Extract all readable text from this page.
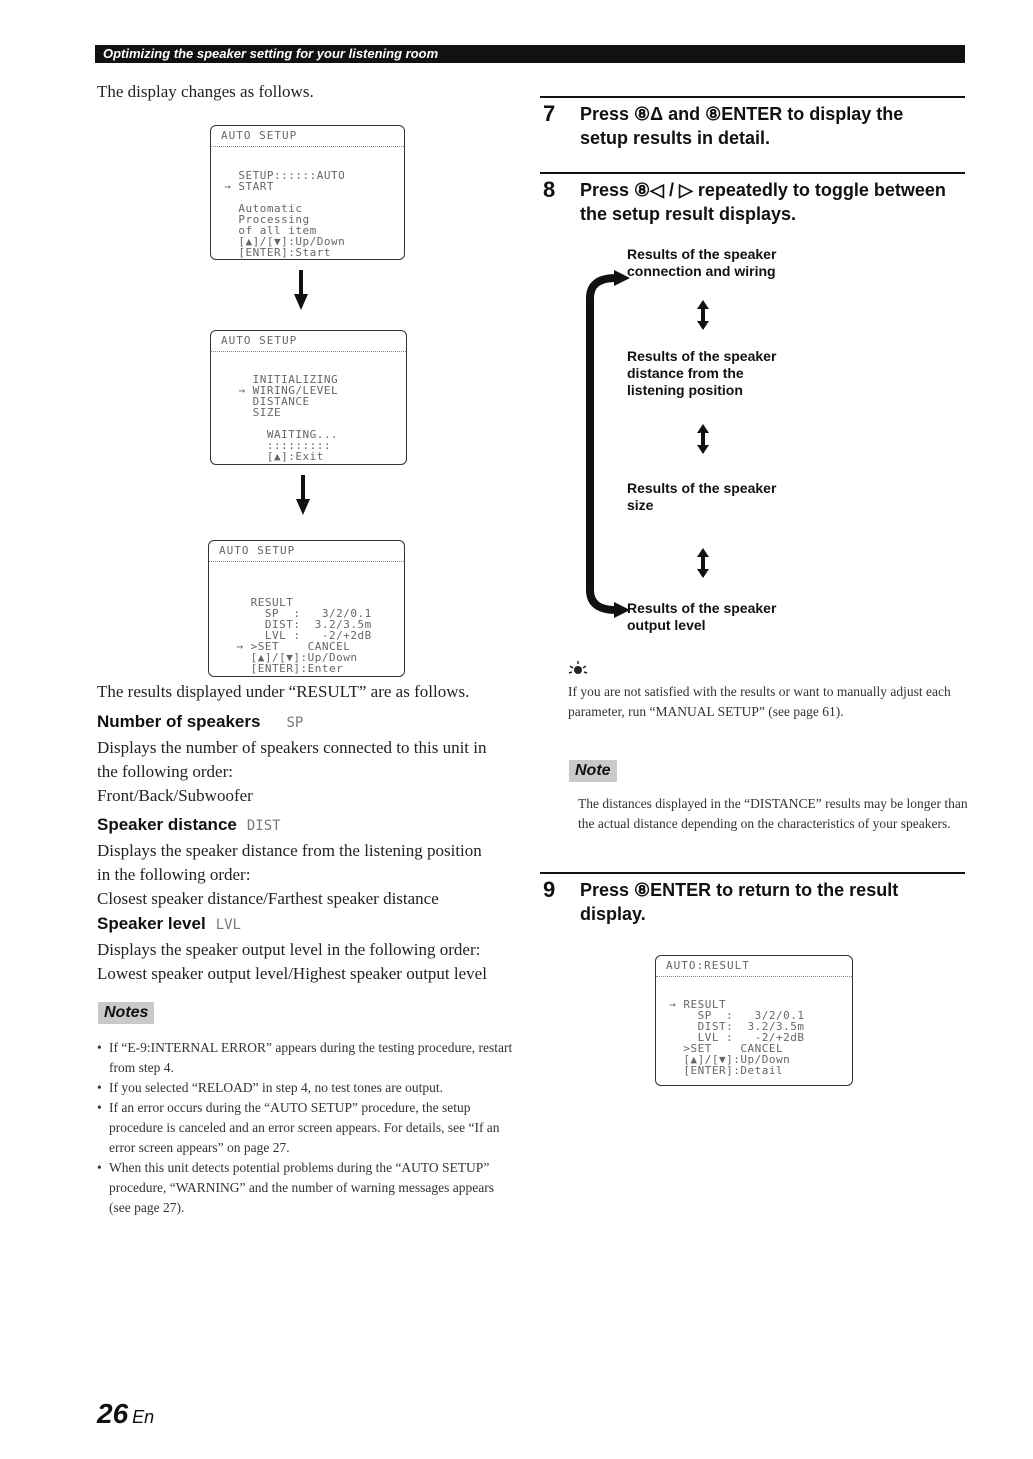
Optimizing the speaker setting for your listening room
The display changes as follows.
AUTO SETUP
SETUP::::::AUTO
→ START

Automatic
Processing
of all item
[▲]/[▼]:Up/Down
[ENTER]:Start
AUTO SETUP

INITIALIZING
→ WIRING/LEVEL
DISTANCE
SIZE

WAITING...
:::::::::
[▲]:Exit
AUTO SETUP

RESULT
SP  :   3/2/0.1
DIST:  3.2/3.5m
LVL :   -2/+2dB
→ >SET    CANCEL
[▲]/[▼]:Up/Down
[ENTER]:Enter
The results displayed under “RESULT” are as follows.
Number of speakers SP
Displays the number of speakers connected to this unit in
the following order:
Front/Back/Subwoofer
Speaker distance DIST
Displays the speaker distance from the listening position
in the following order:
Closest speaker distance/Farthest speaker distance
Speaker level LVL
Displays the speaker output level in the following order:
Lowest speaker output level/Highest speaker output level
Notes
• If “E-9:INTERNAL ERROR” appears during the testing procedure, restart from step 4.
• If you selected “RELOAD” in step 4, no test tones are output.
• If an error occurs during the “AUTO SETUP” procedure, the setup procedure is canceled and an error screen appears. For details, see “If an error screen appears” on page 27.
• When this unit detects potential problems during the “AUTO SETUP” procedure, “WARNING” and the number of warning messages appears (see page 27).
7 Press ⑧Δ and ⑧ENTER to display the
setup results in detail.
8 Press ⑧◁ / ▷ repeatedly to toggle between
the setup result displays.
Results of the speaker
connection and wiring
Results of the speaker
distance from the
listening position
Results of the speaker
size
Results of the speaker
output level
If you are not satisfied with the results or want to manually adjust each parameter, run “MANUAL SETUP” (see page 61).
Note
The distances displayed in the “DISTANCE” results may be longer than the actual distance depending on the characteristics of your speakers.
9 Press ⑧ENTER to return to the result
display.
AUTO:RESULT

→ RESULT
SP  :   3/2/0.1
DIST:  3.2/3.5m
LVL :   -2/+2dB
>SET    CANCEL
[▲]/[▼]:Up/Down
[ENTER]:Detail
26 En
